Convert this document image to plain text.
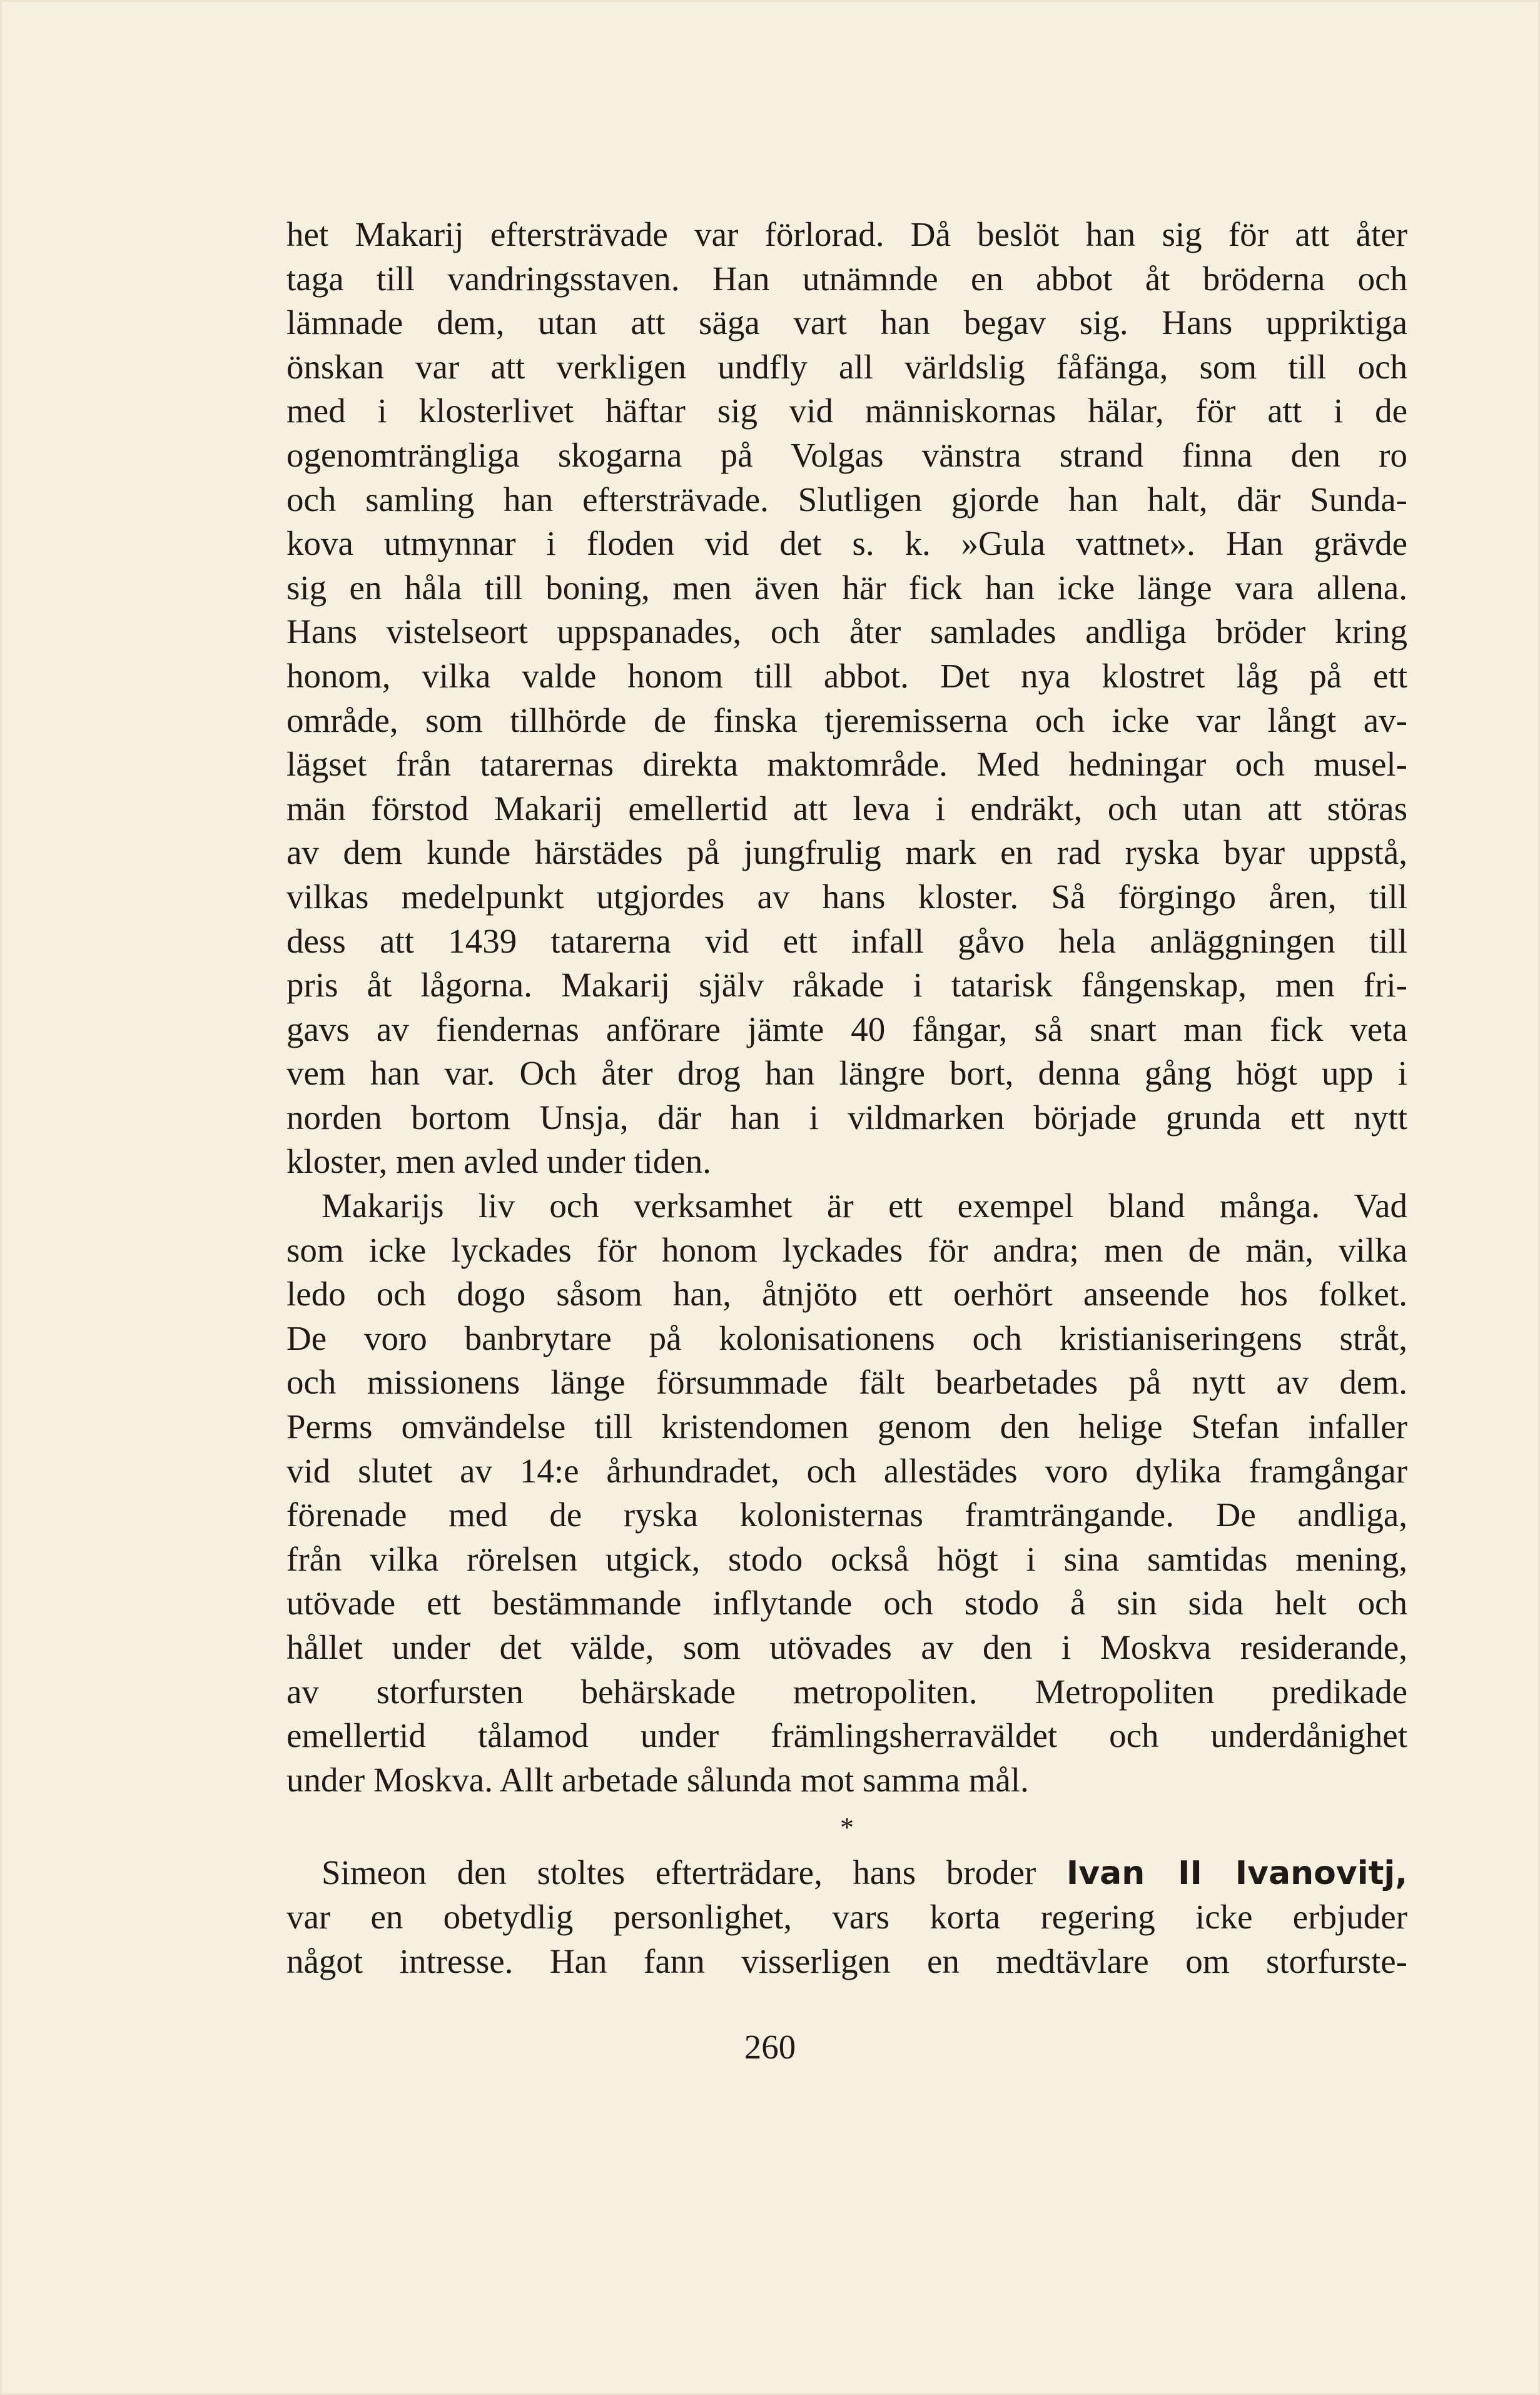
het Makarij eftersträvade var förlorad. Då beslöt han sig för att åter
taga till vandringsstaven. Han utnämnde en abbot åt bröderna och
lämnade dem, utan att säga vart han begav sig. Hans uppriktiga
önskan var att verkligen undfly all världslig fåfänga, som till och
med i klosterlivet häftar sig vid människornas hälar, för att i de
ogenomträngliga skogarna på Volgas vänstra strand finna den ro
och samling han eftersträvade. Slutligen gjorde han halt, där Sunda-
kova utmynnar i floden vid det s. k. »Gula vattnet». Han grävde
sig en håla till boning, men även här fick han icke länge vara allena.
Hans vistelseort uppspanades, och åter samlades andliga bröder kring
honom, vilka valde honom till abbot. Det nya klostret låg på ett
område, som tillhörde de finska tjeremisserna och icke var långt av-
lägset från tatarernas direkta maktområde. Med hedningar och musel-
män förstod Makarij emellertid att leva i endräkt, och utan att störas
av dem kunde härstädes på jungfrulig mark en rad ryska byar uppstå,
vilkas medelpunkt utgjordes av hans kloster. Så förgingo åren, till
dess att 1439 tatarerna vid ett infall gåvo hela anläggningen till
pris åt lågorna. Makarij själv råkade i tatarisk fångenskap, men fri-
gavs av fiendernas anförare jämte 40 fångar, så snart man fick veta
vem han var. Och åter drog han längre bort, denna gång högt upp i
norden bortom Unsja, där han i vildmarken började grunda ett nytt
kloster, men avled under tiden.

Makarijs liv och verksamhet är ett exempel bland många. Vad
som icke lyckades för honom lyckades för andra; men de män, vilka
ledo och dogo såsom han, åtnjöto ett oerhört anseende hos folket.
De voro banbrytare på kolonisationens och kristianiseringens stråt,
och missionens länge försummade fält bearbetades på nytt av dem.
Perms omvändelse till kristendomen genom den helige Stefan infaller
vid slutet av 14:e århundradet, och allestädes voro dylika framgångar
förenade med de ryska kolonisternas framträngande. De andliga,
från vilka rörelsen utgick, stodo också högt i sina samtidas mening,
utövade ett bestämmande inflytande och stodo å sin sida helt och
hållet under det välde, som utövades av den i Moskva residerande,
av storfursten behärskade metropoliten. Metropoliten predikade
emellertid tålamod under främlingsherraväldet och underdånighet
under Moskva. Allt arbetade sålunda mot samma mål.

*

Simeon den stoltes efterträdare, hans broder Ivan II Ivanovitj,
var en obetydlig personlighet, vars korta regering icke erbjuder
något intresse. Han fann visserligen en medtävlare om storfurste-

260
